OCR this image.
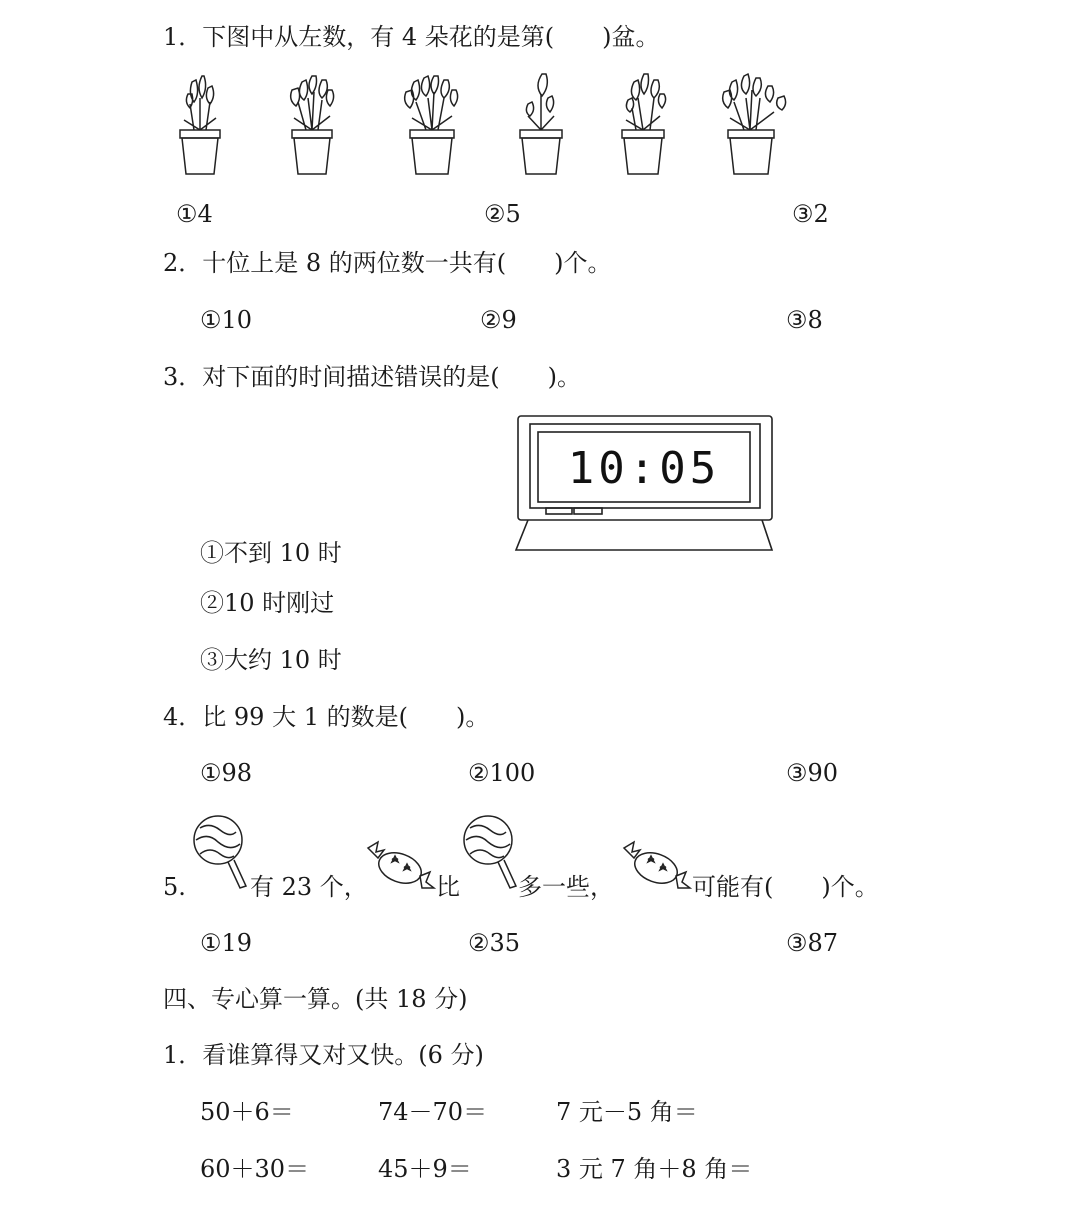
1．下图中从左数，有 4 朵花的是第(　　)盆。
①4	②5	③2
2．十位上是 8 的两位数一共有(　　)个。
①10	②9	③8
3．对下面的时间描述错误的是(　　)。
10:05
①不到 10 时
②10 时刚过
③大约 10 时
4．比 99 大 1 的数是(　　)。
①98	②100	③90
5.	有 23 个，	比 多一些，	可能有(　　)个。
①19	②35	③87
四、专心算一算。(共 18 分)
1．看谁算得又对又快。(6 分)
50＋6＝	74－70＝	7 元－5 角＝
60＋30＝	45＋9＝	3 元 7 角＋8 角＝
